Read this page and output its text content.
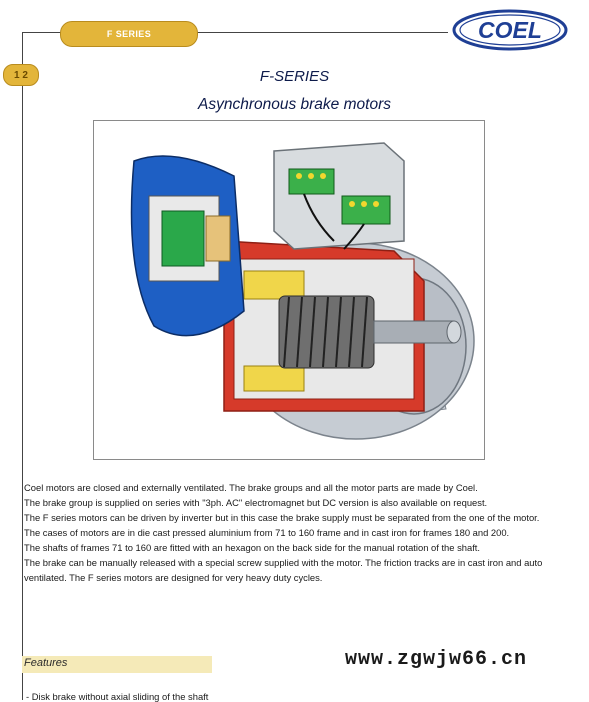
F SERIES
1 2
COEL
F-SERIES
Asynchronous brake motors

Coel motors are closed and externally ventilated. The brake groups and all the motor parts are made by Coel.

The brake group is supplied on series with "3ph. AC" electromagnet but DC version is also available on request.

The F series motors can be driven by inverter but in this case the brake supply must be separated from the one of the motor.

The cases of motors are in die cast pressed aluminium from 71 to 160 frame and in cast iron for frames 180 and 200.

The shafts of frames 71 to 160 are fitted with an hexagon on the back side for the manual rotation of the shaft.

The brake can be manually released with a special screw supplied with the motor. The friction tracks are in cast iron and auto ventilated. The F series motors are designed for very heavy duty cycles.

Features	www.zgwjw66.cn
- Disk brake without axial sliding of the shaft
